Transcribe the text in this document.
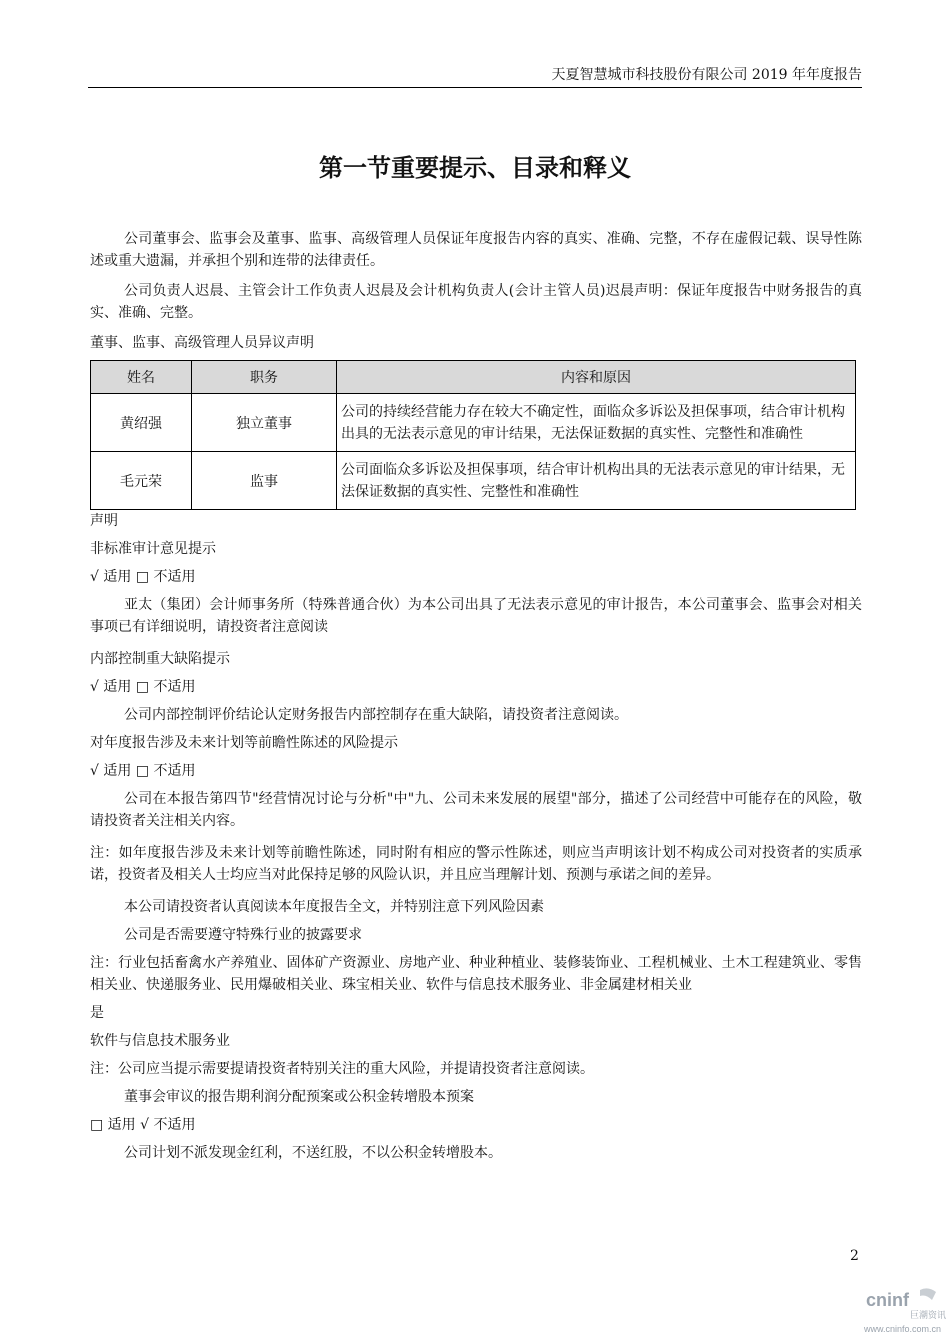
天夏智慧城市科技股份有限公司 2019 年年度报告
第一节重要提示、目录和释义
公司董事会、监事会及董事、监事、高级管理人员保证年度报告内容的真实、准确、完整，不存在虚假记载、误导性陈述或重大遗漏，并承担个别和连带的法律责任。
公司负责人迟晨、主管会计工作负责人迟晨及会计机构负责人(会计主管人员)迟晨声明：保证年度报告中财务报告的真实、准确、完整。
董事、监事、高级管理人员异议声明
姓名	职务	内容和原因
黄绍强	独立董事	公司的持续经营能力存在较大不确定性，面临众多诉讼及担保事项，结合审计机构出具的无法表示意见的审计结果，无法保证数据的真实性、完整性和准确性
毛元荣	监事	公司面临众多诉讼及担保事项，结合审计机构出具的无法表示意见的审计结果，无法保证数据的真实性、完整性和准确性
声明
非标准审计意见提示
√ 适用 □ 不适用
亚太（集团）会计师事务所（特殊普通合伙）为本公司出具了无法表示意见的审计报告，本公司董事会、监事会对相关事项已有详细说明，请投资者注意阅读
内部控制重大缺陷提示
√ 适用 □ 不适用
公司内部控制评价结论认定财务报告内部控制存在重大缺陷，请投资者注意阅读。
对年度报告涉及未来计划等前瞻性陈述的风险提示
√ 适用 □ 不适用
公司在本报告第四节"经营情况讨论与分析"中"九、公司未来发展的展望"部分，描述了公司经营中可能存在的风险，敬请投资者关注相关内容。
注：如年度报告涉及未来计划等前瞻性陈述，同时附有相应的警示性陈述，则应当声明该计划不构成公司对投资者的实质承诺，投资者及相关人士均应当对此保持足够的风险认识，并且应当理解计划、预测与承诺之间的差异。
本公司请投资者认真阅读本年度报告全文，并特别注意下列风险因素
公司是否需要遵守特殊行业的披露要求
注：行业包括畜禽水产养殖业、固体矿产资源业、房地产业、种业种植业、装修装饰业、工程机械业、土木工程建筑业、零售相关业、快递服务业、民用爆破相关业、珠宝相关业、软件与信息技术服务业、非金属建材相关业
是
软件与信息技术服务业
注：公司应当提示需要提请投资者特别关注的重大风险，并提请投资者注意阅读。
董事会审议的报告期利润分配预案或公积金转增股本预案
□ 适用 √ 不适用
公司计划不派发现金红利，不送红股，不以公积金转增股本。
2
cninf
巨潮资讯
www.cninfo.com.cn
